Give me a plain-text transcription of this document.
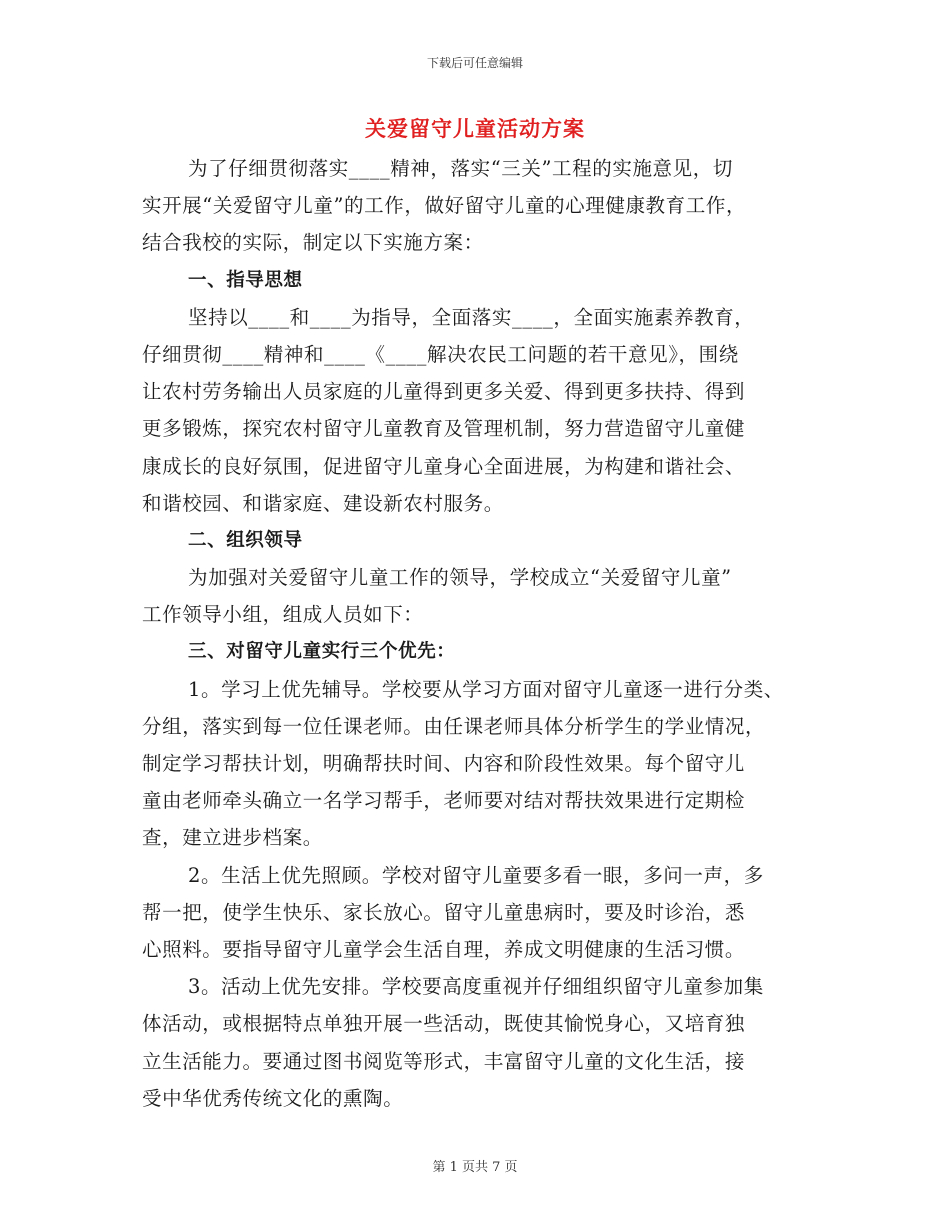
下载后可任意编辑
关爱留守儿童活动方案
为了仔细贯彻落实____精神，落实“三关”工程的实施意见，切
实开展“关爱留守儿童”的工作，做好留守儿童的心理健康教育工作，
结合我校的实际，制定以下实施方案：
一、指导思想
坚持以____和____为指导，全面落实____，全面实施素养教育，
仔细贯彻____精神和____《____解决农民工问题的若干意见》，围绕
让农村劳务输出人员家庭的儿童得到更多关爱、得到更多扶持、得到
更多锻炼，探究农村留守儿童教育及管理机制，努力营造留守儿童健
康成长的良好氛围，促进留守儿童身心全面进展，为构建和谐社会、
和谐校园、和谐家庭、建设新农村服务。
二、组织领导
为加强对关爱留守儿童工作的领导，学校成立“关爱留守儿童”
工作领导小组，组成人员如下：
三、对留守儿童实行三个优先：
1。学习上优先辅导。学校要从学习方面对留守儿童逐一进行分类、
分组，落实到每一位任课老师。由任课老师具体分析学生的学业情况，
制定学习帮扶计划，明确帮扶时间、内容和阶段性效果。每个留守儿
童由老师牵头确立一名学习帮手，老师要对结对帮扶效果进行定期检
查，建立进步档案。
2。生活上优先照顾。学校对留守儿童要多看一眼，多问一声，多
帮一把，使学生快乐、家长放心。留守儿童患病时，要及时诊治，悉
心照料。要指导留守儿童学会生活自理，养成文明健康的生活习惯。
3。活动上优先安排。学校要高度重视并仔细组织留守儿童参加集
体活动，或根据特点单独开展一些活动，既使其愉悦身心，又培育独
立生活能力。要通过图书阅览等形式，丰富留守儿童的文化生活，接
受中华优秀传统文化的熏陶。
第 1 页共 7 页
